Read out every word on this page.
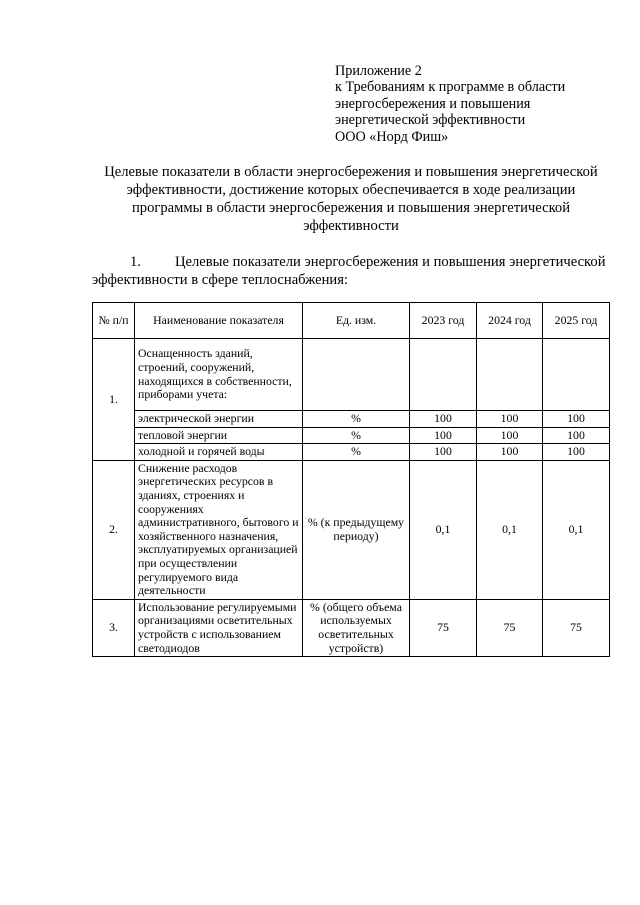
Приложение 2
к Требованиям к программе в области
энергосбережения и повышения
энергетической эффективности
ООО «Норд Фиш»
Целевые показатели в области энергосбережения и повышения энергетической
эффективности, достижение которых обеспечивается в ходе реализации
программы в области энергосбережения и повышения энергетической
эффективности
1. Целевые показатели энергосбережения и повышения энергетической
эффективности в сфере теплоснабжения:
№ п/п	Наименование показателя	Ед. изм.	2023 год	2024 год	2025 год
1.	Оснащенность зданий, строений, сооружений, находящихся в собственности, приборами учета:				
	электрической энергии	%	100	100	100
	тепловой энергии	%	100	100	100
	холодной и горячей воды	%	100	100	100
2.	Снижение расходов энергетических ресурсов в зданиях, строениях и сооружениях административного, бытового и хозяйственного назначения, эксплуатируемых организацией при осуществлении регулируемого вида деятельности	% (к предыдущему периоду)	0,1	0,1	0,1
3.	Использование регулируемыми организациями осветительных устройств с использованием светодиодов	% (общего объема используемых осветительных устройств)	75	75	75
